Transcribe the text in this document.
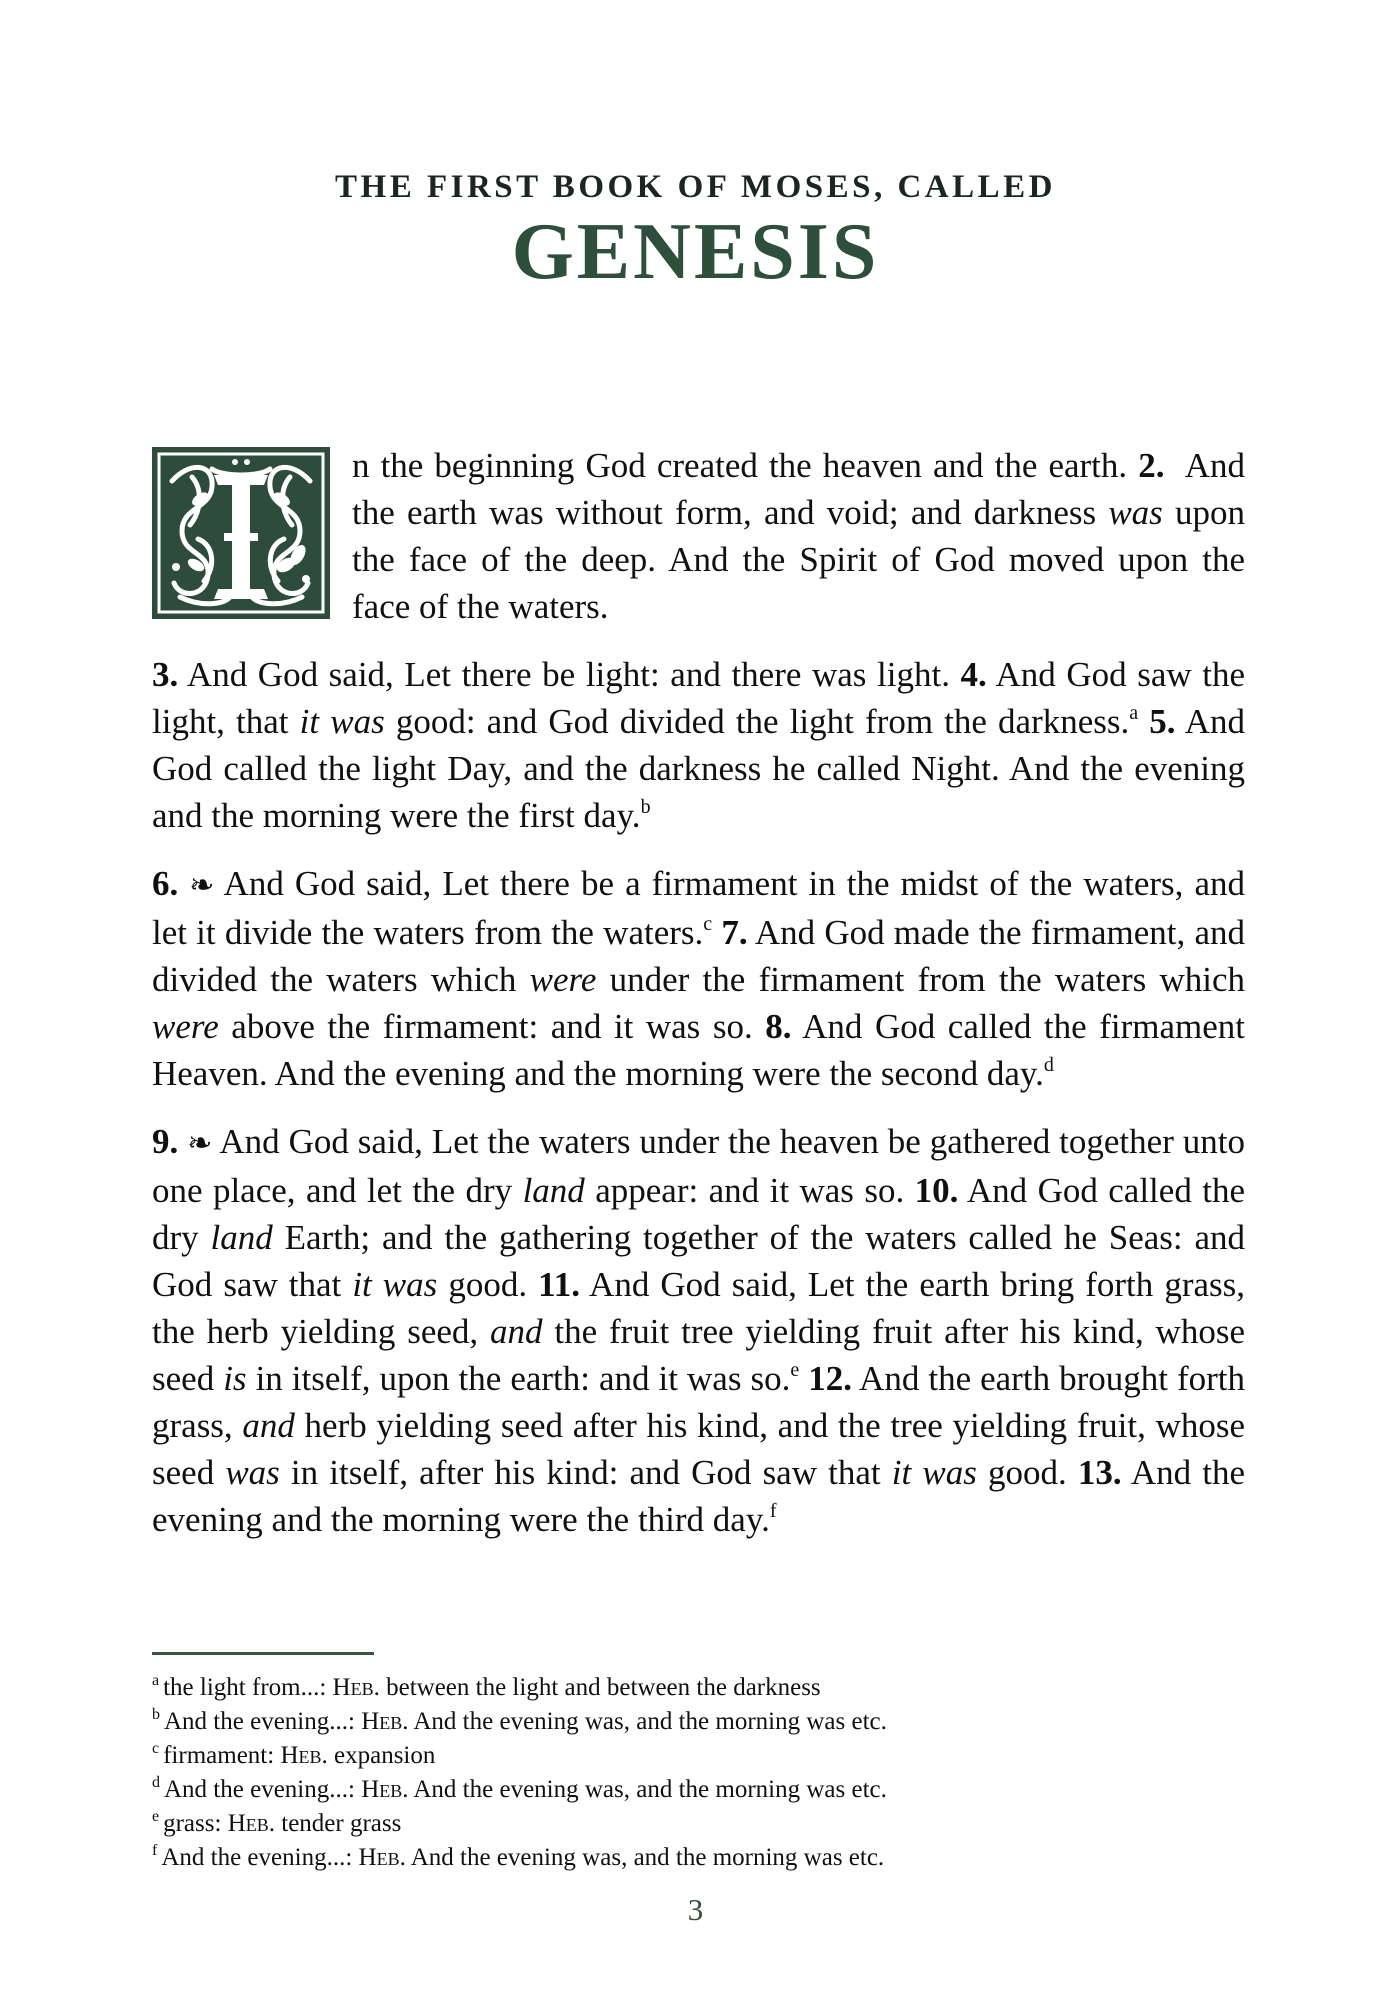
THE FIRST BOOK OF MOSES, CALLED
GENESIS

n the beginning God created the heaven and the earth. 2.  And the earth was without form, and void; and darkness was upon the face of the deep. And the Spirit of God moved upon the face of the waters.

3. And God said, Let there be light: and there was light. 4. And God saw the light, that it was good: and God divided the light from the darkness.$^a$ 5. And God called the light Day, and the darkness he called Night. And the evening and the morning were the first day.$^b$

6. ❧ And God said, Let there be a firmament in the midst of the waters, and let it divide the waters from the waters.$^c$ 7. And God made the firmament, and divided the waters which were under the firmament from the waters which were above the firmament: and it was so. 8. And God called the firmament Heaven. And the evening and the morning were the second day.$^d$

9. ❧ And God said, Let the waters under the heaven be gathered together unto one place, and let the dry land appear: and it was so. 10. And God called the dry land Earth; and the gathering together of the waters called he Seas: and God saw that it was good. 11. And God said, Let the earth bring forth grass, the herb yielding seed, and the fruit tree yielding fruit after his kind, whose seed is in itself, upon the earth: and it was so.$^e$ 12. And the earth brought forth grass, and herb yielding seed after his kind, and the tree yielding fruit, whose seed was in itself, after his kind: and God saw that it was good. 13. And the evening and the morning were the third day.$^f$

$^a$ the light from...: Heb. between the light and between the darkness
$^b$ And the evening...: Heb. And the evening was, and the morning was etc.
$^c$ firmament: Heb. expansion
$^d$ And the evening...: Heb. And the evening was, and the morning was etc.
$^e$ grass: Heb. tender grass
$^f$ And the evening...: Heb. And the evening was, and the morning was etc.
3
